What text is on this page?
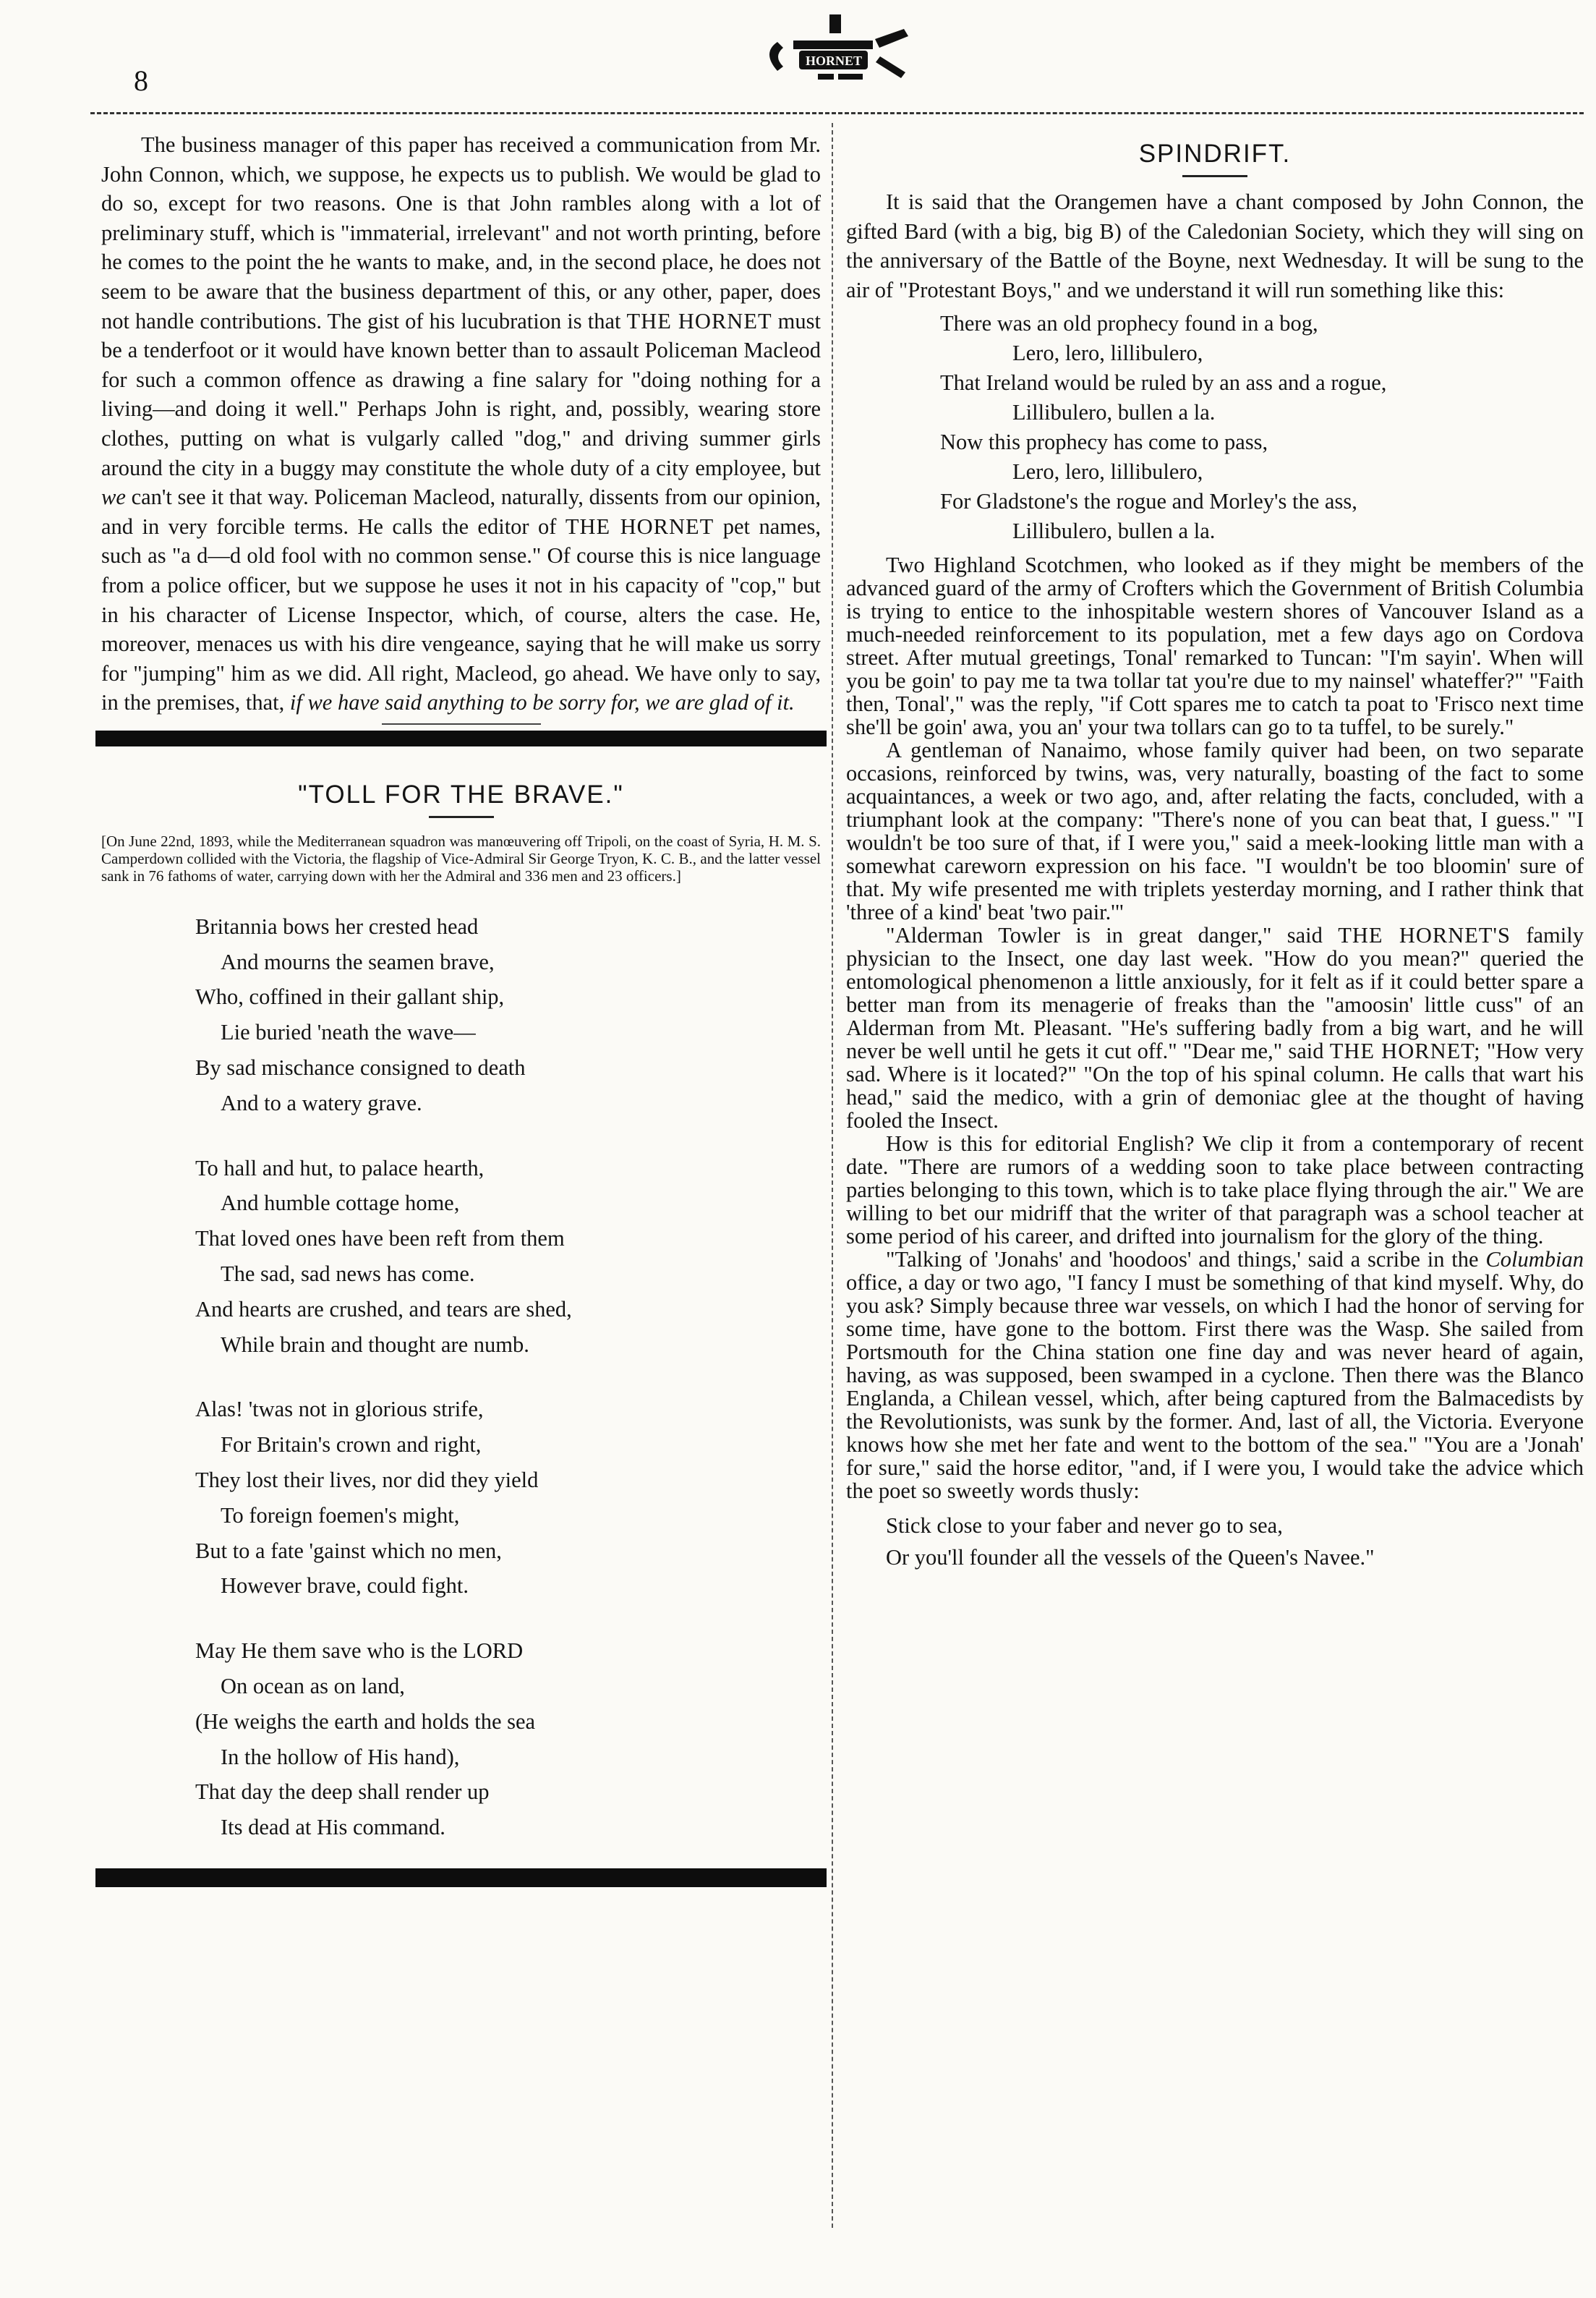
8
HORNET

The business manager of this paper has received a communication from Mr. John Connon, which, we suppose, he expects us to publish. We would be glad to do so, except for two reasons. One is that John rambles along with a lot of preliminary stuff, which is "immaterial, irrelevant" and not worth printing, before he comes to the point the he wants to make, and, in the second place, he does not seem to be aware that the business department of this, or any other, paper, does not handle contributions. The gist of his lucubration is that THE HORNET must be a tenderfoot or it would have known better than to assault Policeman Macleod for such a common offence as drawing a fine salary for "doing nothing for a living—and doing it well." Perhaps John is right, and, possibly, wearing store clothes, putting on what is vulgarly called "dog," and driving summer girls around the city in a buggy may constitute the whole duty of a city employee, but we can't see it that way. Policeman Macleod, naturally, dissents from our opinion, and in very forcible terms. He calls the editor of THE HORNET pet names, such as "a d—d old fool with no common sense." Of course this is nice language from a police officer, but we suppose he uses it not in his capacity of "cop," but in his character of License Inspector, which, of course, alters the case. He, moreover, menaces us with his dire vengeance, saying that he will make us sorry for "jumping" him as we did. All right, Macleod, go ahead. We have only to say, in the premises, that, if we have said anything to be sorry for, we are glad of it.

"TOLL FOR THE BRAVE."
[On June 22nd, 1893, while the Mediterranean squadron was manœuvering off Tripoli, on the coast of Syria, H. M. S. Camperdown collided with the Victoria, the flagship of Vice-Admiral Sir George Tryon, K. C. B., and the latter vessel sank in 76 fathoms of water, carrying down with her the Admiral and 336 men and 23 officers.]
Britannia bows her crested head
And mourns the seamen brave,
Who, coffined in their gallant ship,
Lie buried 'neath the wave—
By sad mischance consigned to death
And to a watery grave.
To hall and hut, to palace hearth,
And humble cottage home,
That loved ones have been reft from them
The sad, sad news has come.
And hearts are crushed, and tears are shed,
While brain and thought are numb.
Alas! 'twas not in glorious strife,
For Britain's crown and right,
They lost their lives, nor did they yield
To foreign foemen's might,
But to a fate 'gainst which no men,
However brave, could fight.
May He them save who is the LORD
On ocean as on land,
(He weighs the earth and holds the sea
In the hollow of His hand),
That day the deep shall render up
Its dead at His command.
SPINDRIFT.

It is said that the Orangemen have a chant composed by John Connon, the gifted Bard (with a big, big B) of the Caledonian Society, which they will sing on the anniversary of the Battle of the Boyne, next Wednesday. It will be sung to the air of "Protestant Boys," and we understand it will run something like this:

There was an old prophecy found in a bog,
Lero, lero, lillibulero,
That Ireland would be ruled by an ass and a rogue,
Lillibulero, bullen a la.
Now this prophecy has come to pass,
Lero, lero, lillibulero,
For Gladstone's the rogue and Morley's the ass,
Lillibulero, bullen a la.

Two Highland Scotchmen, who looked as if they might be members of the advanced guard of the army of Crofters which the Government of British Columbia is trying to entice to the inhospitable western shores of Vancouver Island as a much-needed reinforcement to its population, met a few days ago on Cordova street. After mutual greetings, Tonal' remarked to Tuncan: "I'm sayin'. When will you be goin' to pay me ta twa tollar tat you're due to my nainsel' whateffer?" "Faith then, Tonal'," was the reply, "if Cott spares me to catch ta poat to 'Frisco next time she'll be goin' awa, you an' your twa tollars can go to ta tuffel, to be surely."

A gentleman of Nanaimo, whose family quiver had been, on two separate occasions, reinforced by twins, was, very naturally, boasting of the fact to some acquaintances, a week or two ago, and, after relating the facts, concluded, with a triumphant look at the company: "There's none of you can beat that, I guess." "I wouldn't be too sure of that, if I were you," said a meek-looking little man with a somewhat careworn expression on his face. "I wouldn't be too bloomin' sure of that. My wife presented me with triplets yesterday morning, and I rather think that 'three of a kind' beat 'two pair.'"

"Alderman Towler is in great danger," said THE HORNET'S family physician to the Insect, one day last week. "How do you mean?" queried the entomological phenomenon a little anxiously, for it felt as if it could better spare a better man from its menagerie of freaks than the "amoosin' little cuss" of an Alderman from Mt. Pleasant. "He's suffering badly from a big wart, and he will never be well until he gets it cut off." "Dear me," said THE HORNET; "How very sad. Where is it located?" "On the top of his spinal column. He calls that wart his head," said the medico, with a grin of demoniac glee at the thought of having fooled the Insect.

How is this for editorial English? We clip it from a contemporary of recent date. "There are rumors of a wedding soon to take place between contracting parties belonging to this town, which is to take place flying through the air." We are willing to bet our midriff that the writer of that paragraph was a school teacher at some period of his career, and drifted into journalism for the glory of the thing.

"Talking of 'Jonahs' and 'hoodoos' and things,' said a scribe in the Columbian office, a day or two ago, "I fancy I must be something of that kind myself. Why, do you ask? Simply because three war vessels, on which I had the honor of serving for some time, have gone to the bottom. First there was the Wasp. She sailed from Portsmouth for the China station one fine day and was never heard of again, having, as was supposed, been swamped in a cyclone. Then there was the Blanco Englanda, a Chilean vessel, which, after being captured from the Balmacedists by the Revolutionists, was sunk by the former. And, last of all, the Victoria. Everyone knows how she met her fate and went to the bottom of the sea." "You are a 'Jonah' for sure," said the horse editor, "and, if I were you, I would take the advice which the poet so sweetly words thusly:

Stick close to your faber and never go to sea,
Or you'll founder all the vessels of the Queen's Navee."
